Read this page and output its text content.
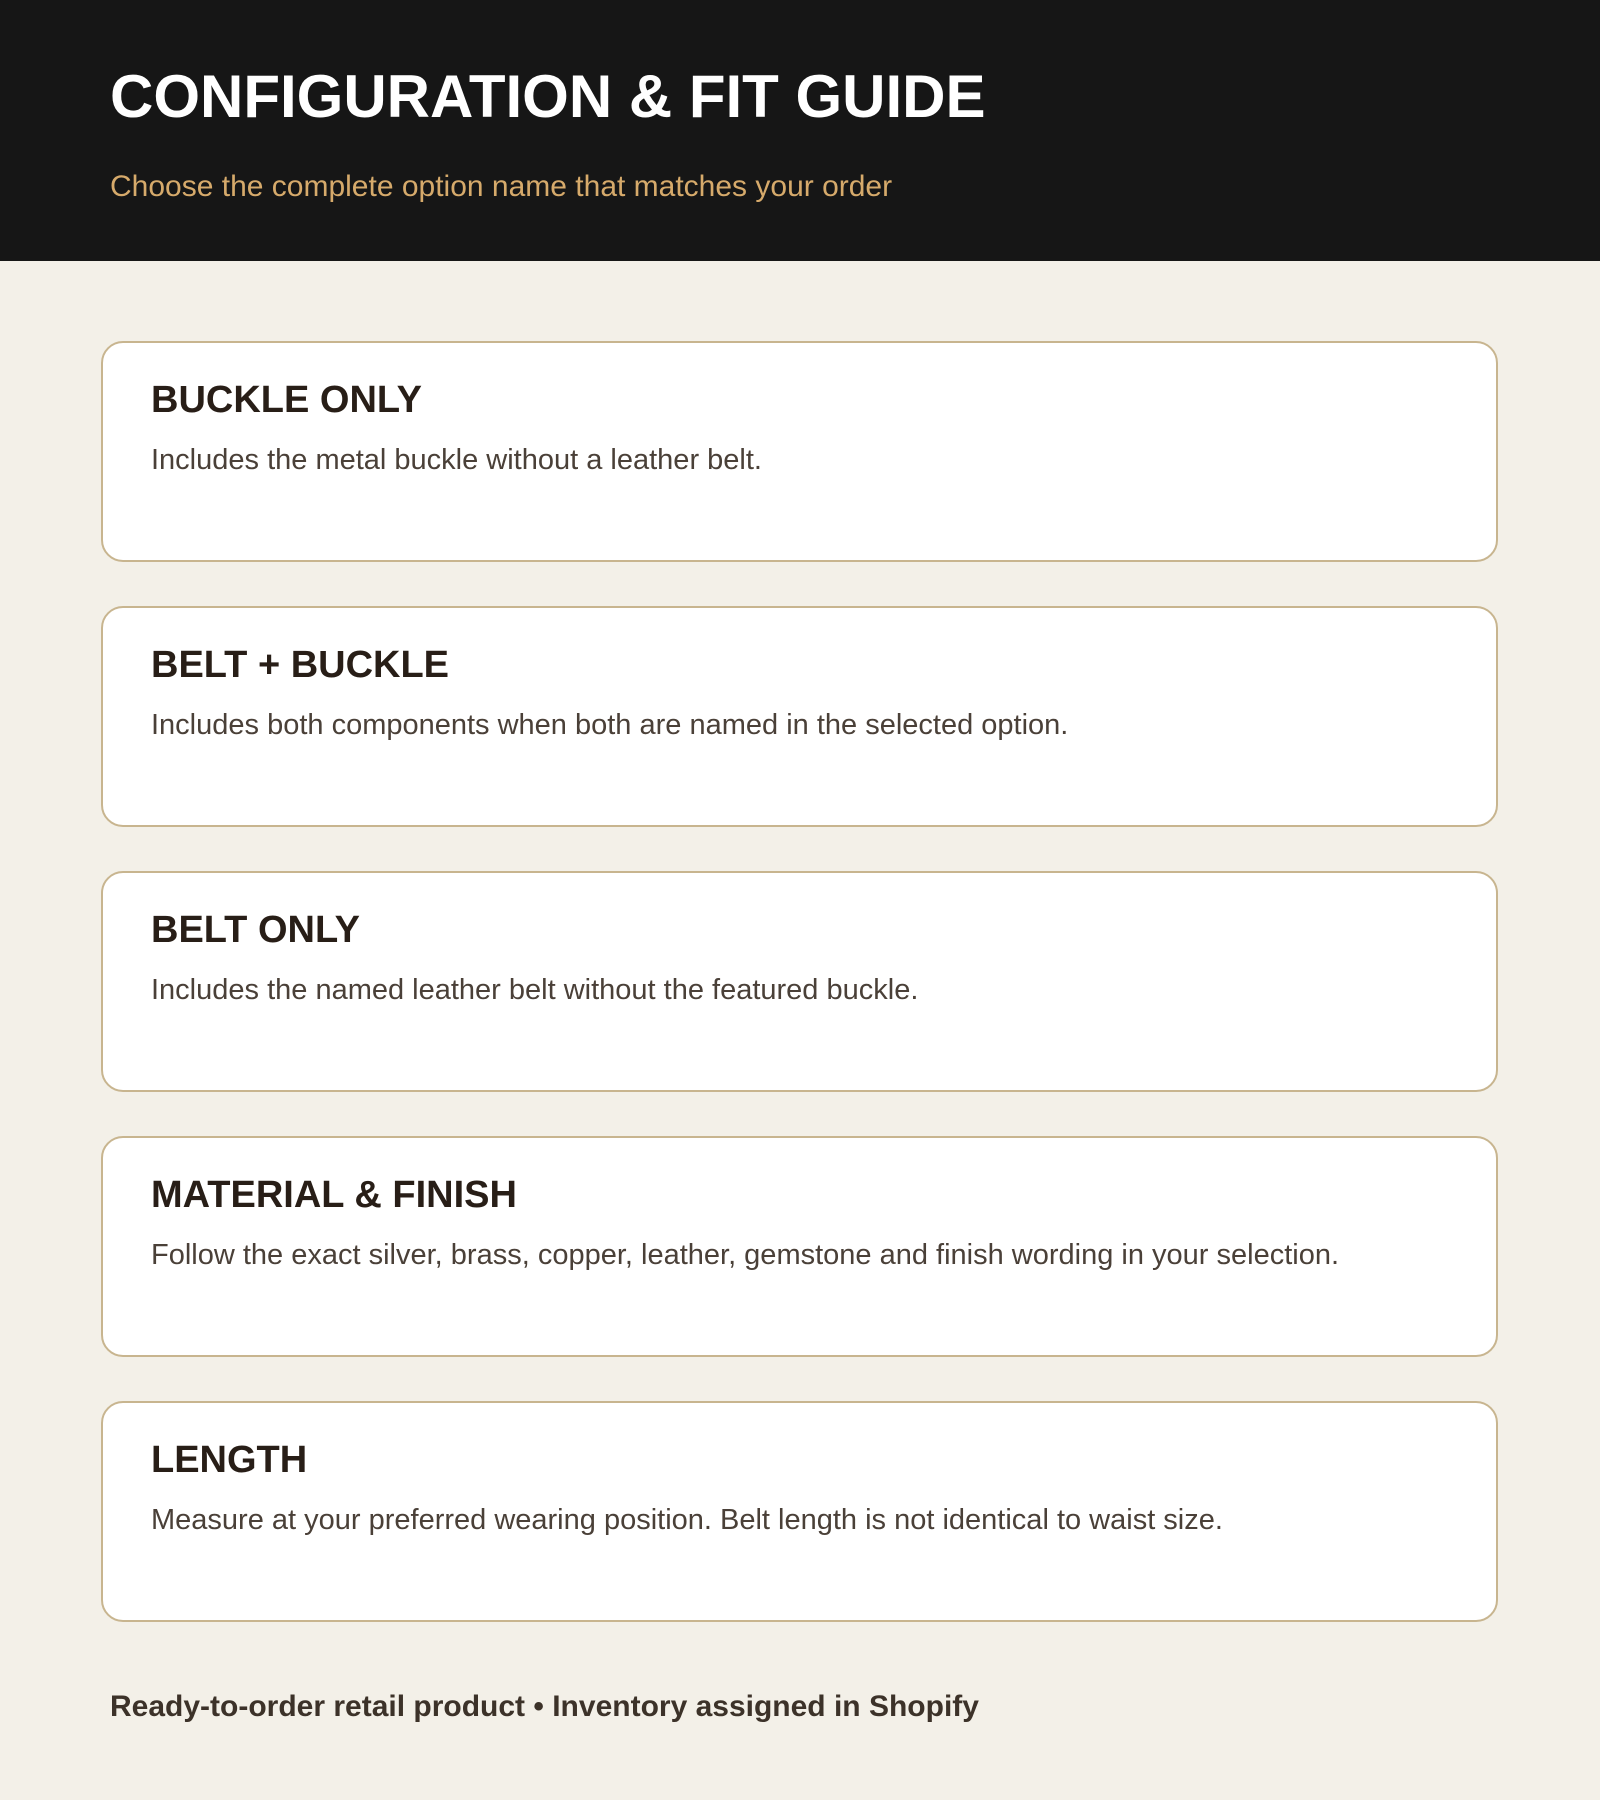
CONFIGURATION & FIT GUIDE

Choose the complete option name that matches your order

BUCKLE ONLY

Includes the metal buckle without a leather belt.

BELT + BUCKLE

Includes both components when both are named in the selected option.

BELT ONLY

Includes the named leather belt without the featured buckle.

MATERIAL & FINISH

Follow the exact silver, brass, copper, leather, gemstone and finish wording in your selection.

LENGTH

Measure at your preferred wearing position. Belt length is not identical to waist size.

Ready-to-order retail product • Inventory assigned in Shopify
